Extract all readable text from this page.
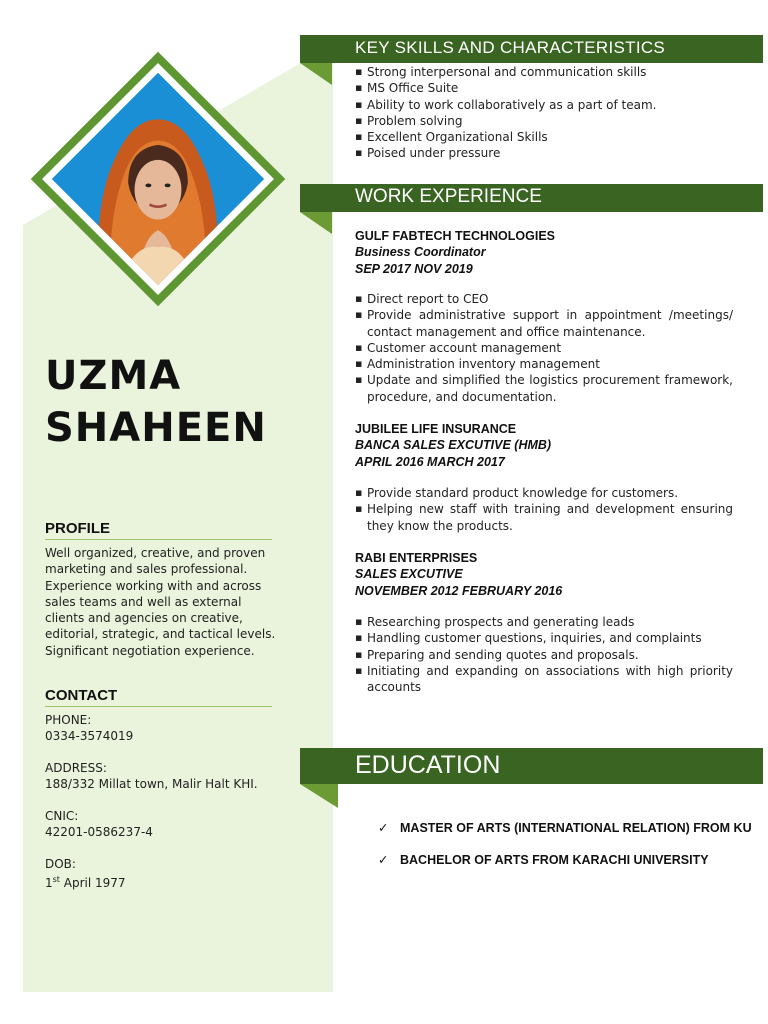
UZMA
SHAHEEN
PROFILE

Well organized, creative, and proven marketing and sales professional. Experience working with and across sales teams and well as external clients and agencies on creative, editorial, strategic, and tactical levels. Significant negotiation experience.

CONTACT
PHONE:
0334-3574019
ADDRESS:
188/332 Millat town, Malir Halt KHI.
CNIC:
42201-0586237-4
DOB:
1st April 1977
KEY SKILLS AND CHARACTERISTICS
▪ Strong interpersonal and communication skills
▪ MS Office Suite
▪ Ability to work collaboratively as a part of team.
▪ Problem solving
▪ Excellent Organizational Skills
▪ Poised under pressure
WORK EXPERIENCE
GULF FABTECH TECHNOLOGIES
Business Coordinator
SEP 2017 NOV 2019
▪ Direct report to CEO
▪ Provide administrative support in appointment /meetings/ contact management and office maintenance.
▪ Customer account management
▪ Administration inventory management
▪ Update and simplified the logistics procurement framework, procedure, and documentation.
JUBILEE LIFE INSURANCE
BANCA SALES EXCUTIVE (HMB)
APRIL 2016 MARCH 2017
▪ Provide standard product knowledge for customers.
▪ Helping new staff with training and development ensuring they know the products.
RABI ENTERPRISES
SALES EXCUTIVE
NOVEMBER 2012 FEBRUARY 2016
▪ Researching prospects and generating leads
▪ Handling customer questions, inquiries, and complaints
▪ Preparing and sending quotes and proposals.
▪ Initiating and expanding on associations with high priority accounts
EDUCATION
✓ MASTER OF ARTS (INTERNATIONAL RELATION) FROM KU
✓ BACHELOR OF ARTS FROM KARACHI UNIVERSITY
